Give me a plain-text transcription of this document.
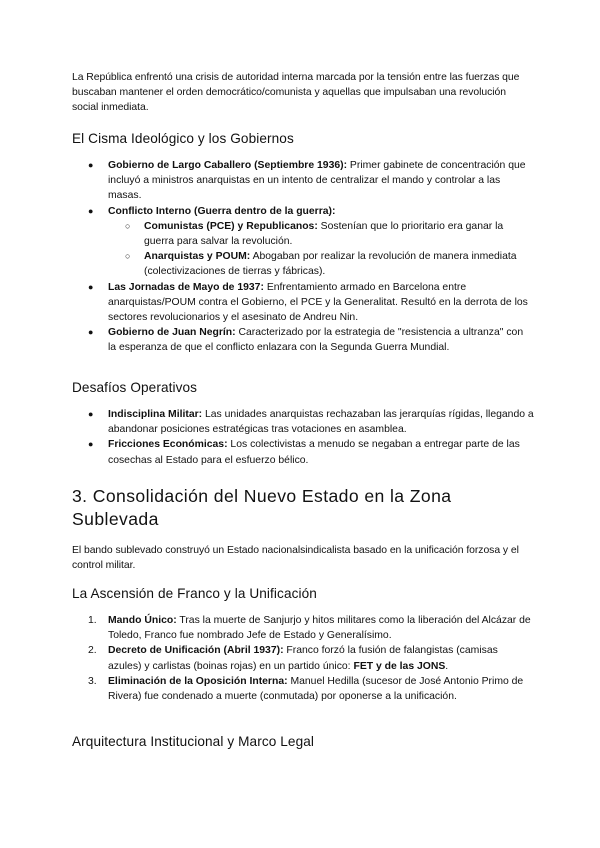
La República enfrentó una crisis de autoridad interna marcada por la tensión entre las fuerzas que buscaban mantener el orden democrático/comunista y aquellas que impulsaban una revolución social inmediata.

El Cisma Ideológico y los Gobiernos
● Gobierno de Largo Caballero (Septiembre 1936): Primer gabinete de concentración que incluyó a ministros anarquistas en un intento de centralizar el mando y controlar a las masas.
● Conflicto Interno (Guerra dentro de la guerra):
○ Comunistas (PCE) y Republicanos: Sostenían que lo prioritario era ganar la guerra para salvar la revolución.
○ Anarquistas y POUM: Abogaban por realizar la revolución de manera inmediata (colectivizaciones de tierras y fábricas).
● Las Jornadas de Mayo de 1937: Enfrentamiento armado en Barcelona entre anarquistas/POUM contra el Gobierno, el PCE y la Generalitat. Resultó en la derrota de los sectores revolucionarios y el asesinato de Andreu Nin.
● Gobierno de Juan Negrín: Caracterizado por la estrategia de "resistencia a ultranza" con la esperanza de que el conflicto enlazara con la Segunda Guerra Mundial.
Desafíos Operativos
● Indisciplina Militar: Las unidades anarquistas rechazaban las jerarquías rígidas, llegando a abandonar posiciones estratégicas tras votaciones en asamblea.
● Fricciones Económicas: Los colectivistas a menudo se negaban a entregar parte de las cosechas al Estado para el esfuerzo bélico.
3. Consolidación del Nuevo Estado en la Zona Sublevada

El bando sublevado construyó un Estado nacionalsindicalista basado en la unificación forzosa y el control militar.

La Ascensión de Franco y la Unificación
1. Mando Único: Tras la muerte de Sanjurjo y hitos militares como la liberación del Alcázar de Toledo, Franco fue nombrado Jefe de Estado y Generalísimo.
2. Decreto de Unificación (Abril 1937): Franco forzó la fusión de falangistas (camisas azules) y carlistas (boinas rojas) en un partido único: FET y de las JONS.
3. Eliminación de la Oposición Interna: Manuel Hedilla (sucesor de José Antonio Primo de Rivera) fue condenado a muerte (conmutada) por oponerse a la unificación.
Arquitectura Institucional y Marco Legal
